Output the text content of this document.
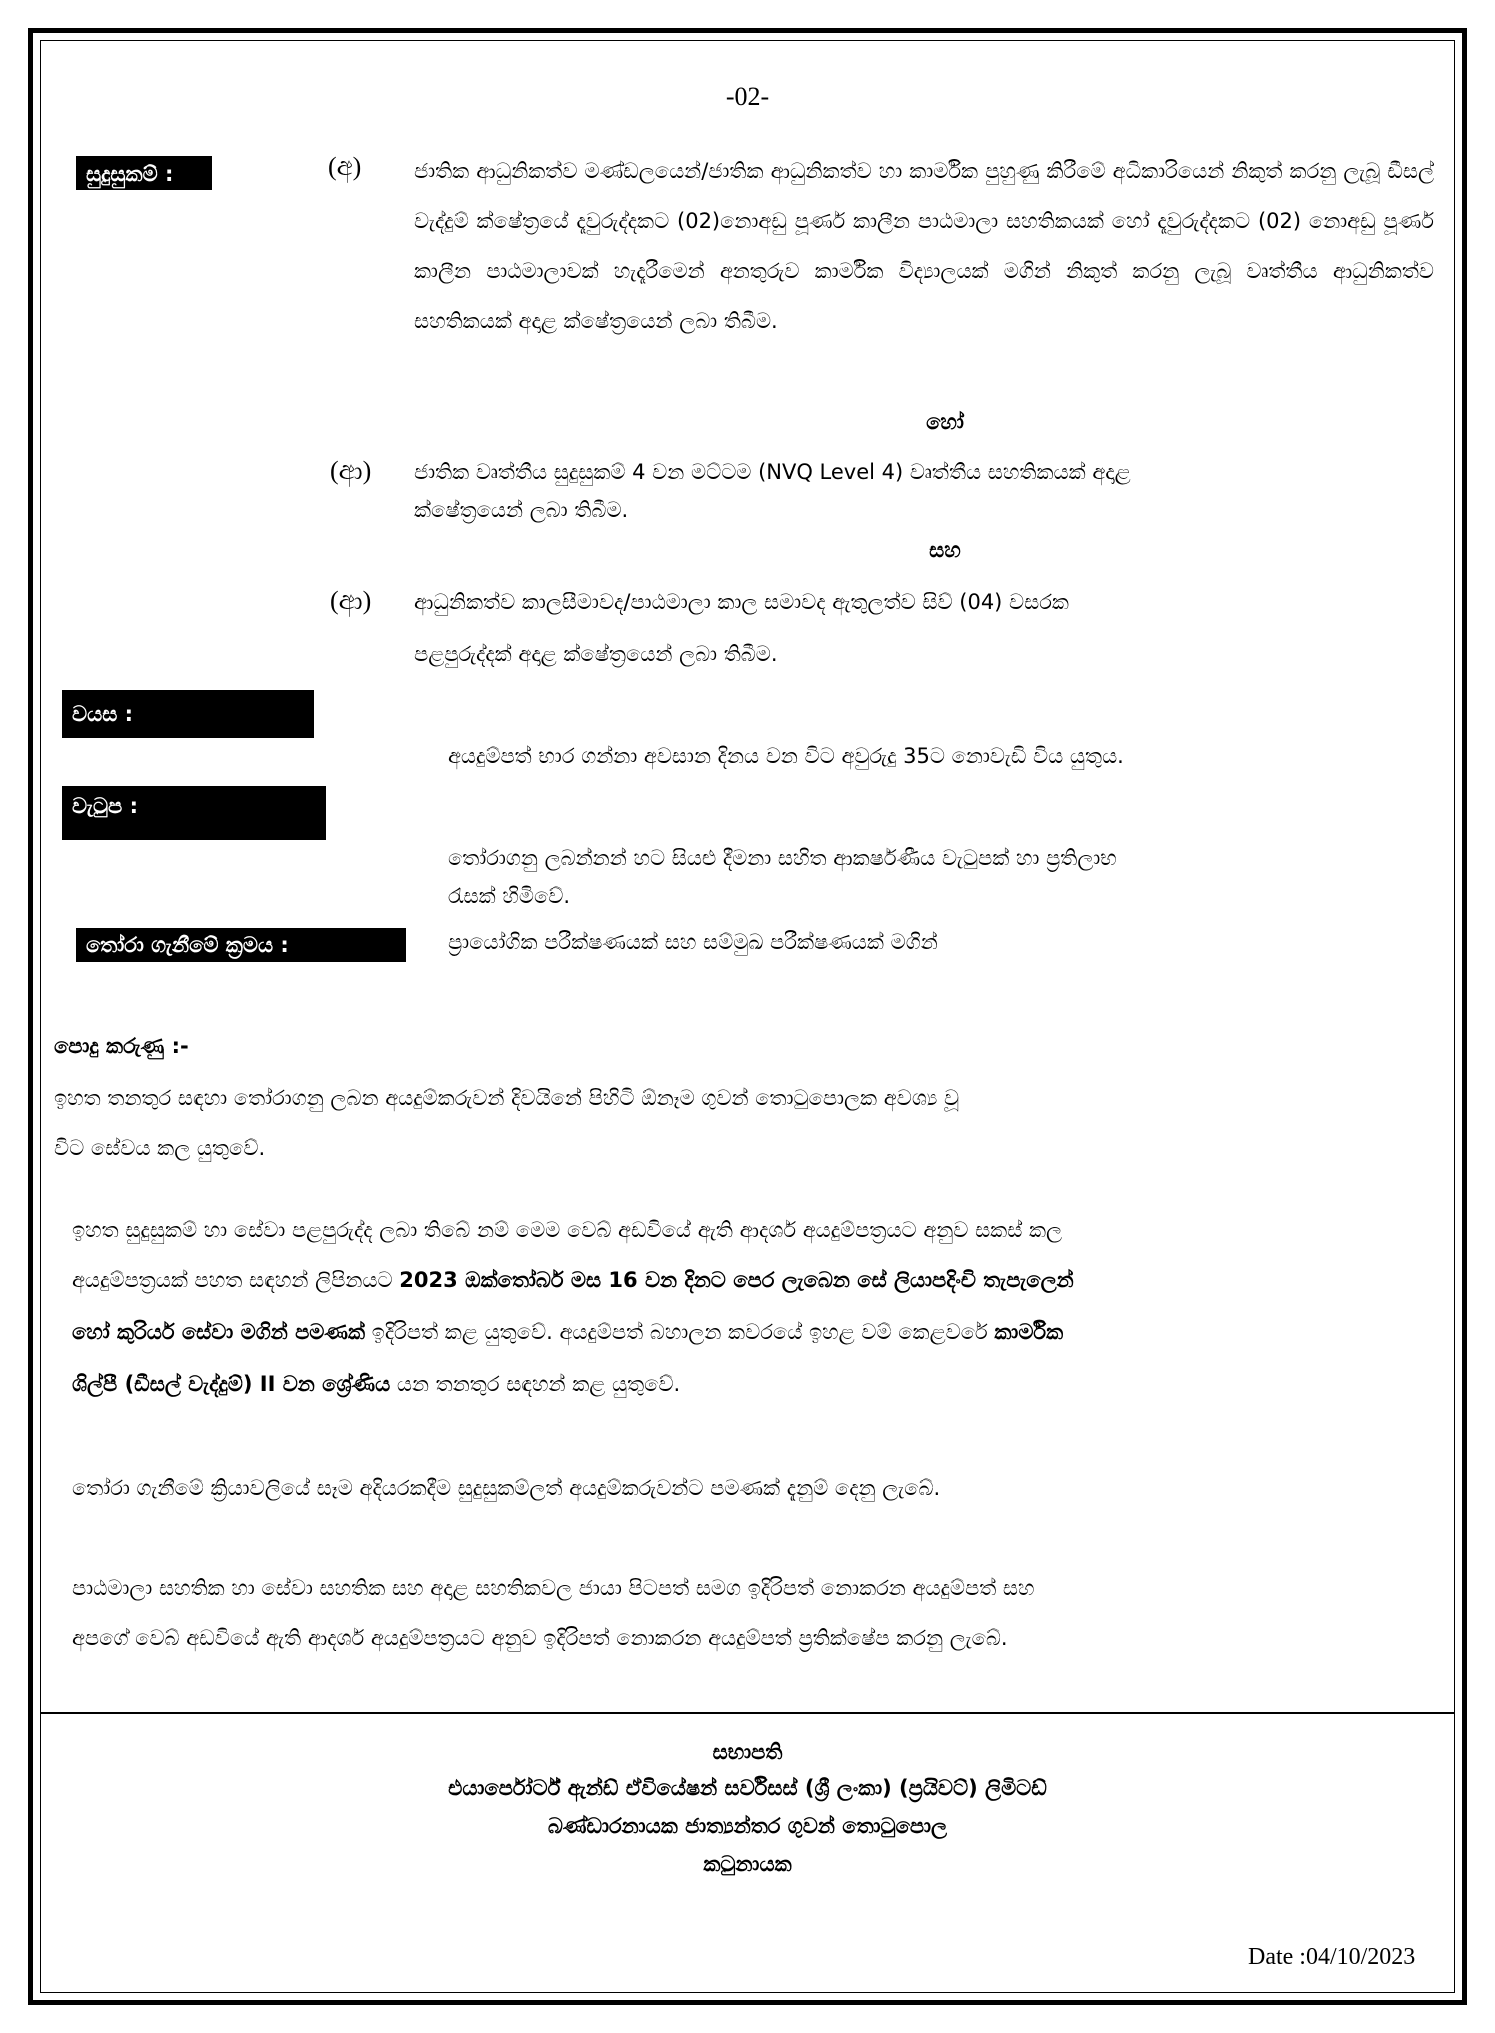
-02-
සුදුසුකම් :	(අ)	ජාතික ආධුනිකත්ව මණ්ඩලයෙන්/ජාතික ආධුනිකත්ව හා කාර්මික පුහුණු කිරීමේ අධිකාරියෙන් නිකුත් කරනු ලැබූ ඩීසල් වැද්දුම් ක්ෂේත්‍රයේ දෑවුරුද්දකට (02)නොඅඩු පූර්ණ කාලීන පාඨමාලා සහතිකයක් හෝ දෑවුරුද්දකට (02) නොඅඩු පූර්ණ කාලීන පාඨමාලාවක් හැදෑරීමෙන් අනතුරුව කාර්මික විද්‍යාලයක් මගින් නිකුත් කරනු ලැබූ වෘත්තීය ආධුනිකත්ව සහතිකයක් අදාළ ක්ෂේත්‍රයෙන් ලබා තිබීම.
හෝ
(ආ) ජාතික වෘත්තීය සුදුසුකම් 4 වන මට්ටම (NVQ Level 4) වෘත්තීය සහතිකයක් අදාළ
ක්ෂේත්‍රයෙන් ලබා තිබීම.
සහ
(ආ) ආධුනිකත්ව කාලසීමාවද/පාඨමාලා කාල සමාවද ඇතුලත්ව සිව් (04) වසරක
පළපුරුද්දක් අදාළ ක්ෂේත්‍රයෙන් ලබා තිබීම.
වයස :
අයදුම්පත් භාර ගන්නා අවසාන දිනය වන විට අවුරුදු 35ට නොවැඩි විය යුතුය.
වැටුප :
තෝරාගනු ලබන්නන් හට සියළු දීමනා සහිත ආකර්ෂණීය වැටුපක් හා ප්‍රතිලාභ
රැසක් හිමිවේ.
තෝරා ගැනීමේ ක්‍රමය :	ප්‍රායෝගික පරීක්ෂණයක් සහ සම්මුඛ පරීක්ෂණයක් මගින්
පොදු කරුණු :-
ඉහත තනතුර සඳහා තෝරාගනු ලබන අයදුම්කරුවන් දිවයිනේ පිහිටි ඕනෑම ගුවන් තොටුපොලක අවශ්‍ය වූ
විට සේවය කල යුතුවේ.
ඉහත සුදුසුකම් හා සේවා පළපුරුද්ද ලබා තිබේ නම් මෙම වෙබ් අඩවියේ ඇති ආදර්ශ අයදුම්පත්‍රයට අනුව සකස් කල
අයදුම්පත්‍රයක් පහත සඳහන් ලිපිනයට 2023 ඔක්තෝබර් මස 16 වන දිනට පෙර ලැබෙන සේ ලියාපදිංචි තැපැලෙන්
හෝ කුරියර් සේවා මගින් පමණක් ඉදිරිපත් කළ යුතුවේ. අයදුම්පත් බහාලන කවරයේ ඉහළ වම් කෙළවරේ කාර්මික
ශිල්පී (ඩීසල් වැද්දුම්) II වන ශ්‍රේණිය යන තනතුර සඳහන් කළ යුතුවේ.
තෝරා ගැනීමේ ක්‍රියාවලියේ සෑම අදියරකදීම සුදුසුකම්ලත් අයදුම්කරුවන්ට පමණක් දැනුම් දෙනු ලැබේ.
පාඨමාලා සහතික හා සේවා සහතික සහ අදාළ සහතිකවල ජායා පිටපත් සමග ඉදිරිපත් නොකරන අයදුම්පත් සහ
අපගේ වෙබ් අඩවියේ ඇති ආදර්ශ අයදුම්පත්‍රයට අනුව ඉදිරිපත් නොකරන අයදුම්පත් ප්‍රතික්ෂේප කරනු ලැබේ.
සභාපති
එයාර්පෝර්ට් ඇන්ඩ් ඒවියේෂන් සර්විසස් (ශ්‍රී ලංකා) (ප්‍රයිවට්) ලිමිටඩ්
බණ්ඩාරනායක ජාත්‍යන්තර ගුවන් තොටුපොල
කටුනායක
Date :04/10/2023
